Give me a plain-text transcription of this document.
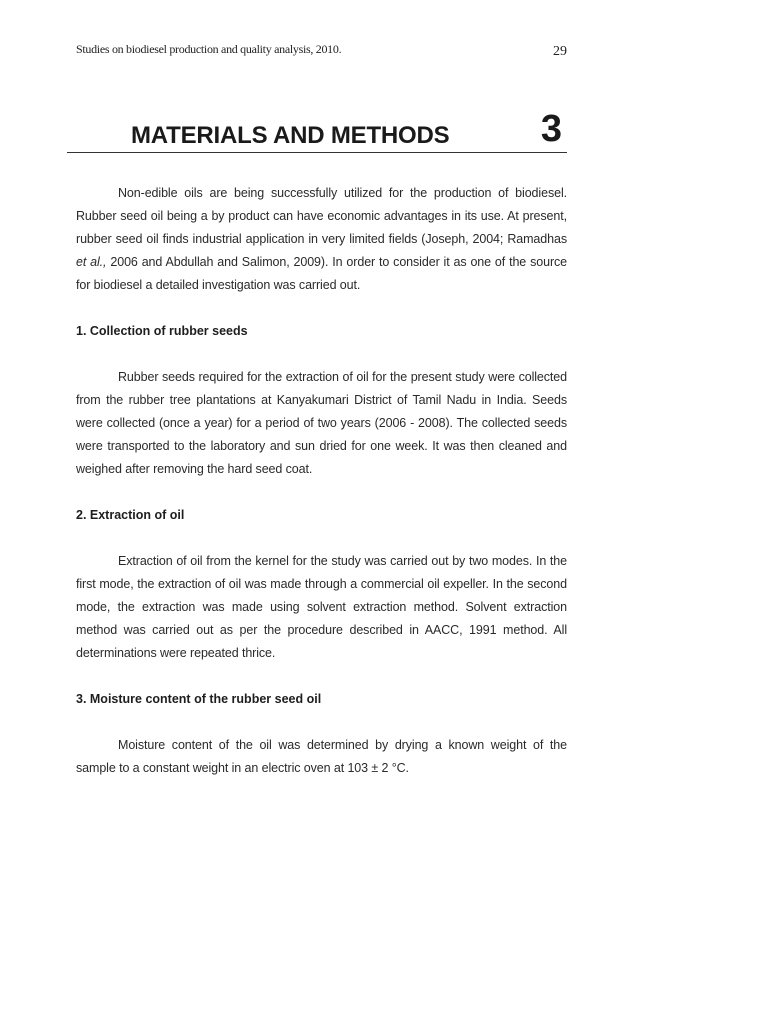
Studies on biodiesel production and quality analysis, 2010.	29
MATERIALS AND METHODS 3

Non-edible oils are being successfully utilized for the production of biodiesel. Rubber seed oil being a by product can have economic advantages in its use. At present, rubber seed oil finds industrial application in very limited fields (Joseph, 2004; Ramadhas et al., 2006 and Abdullah and Salimon, 2009). In order to consider it as one of the source for biodiesel a detailed investigation was carried out.

1. Collection of rubber seeds

Rubber seeds required for the extraction of oil for the present study were collected from the rubber tree plantations at Kanyakumari District of Tamil Nadu in India. Seeds were collected (once a year) for a period of two years (2006 - 2008). The collected seeds were transported to the laboratory and sun dried for one week. It was then cleaned and weighed after removing the hard seed coat.

2. Extraction of oil

Extraction of oil from the kernel for the study was carried out by two modes. In the first mode, the extraction of oil was made through a commercial oil expeller. In the second mode, the extraction was made using solvent extraction method. Solvent extraction method was carried out as per the procedure described in AACC, 1991 method. All determinations were repeated thrice.

3. Moisture content of the rubber seed oil

Moisture content of the oil was determined by drying a known weight of the sample to a constant weight in an electric oven at 103 ± 2 °C.
